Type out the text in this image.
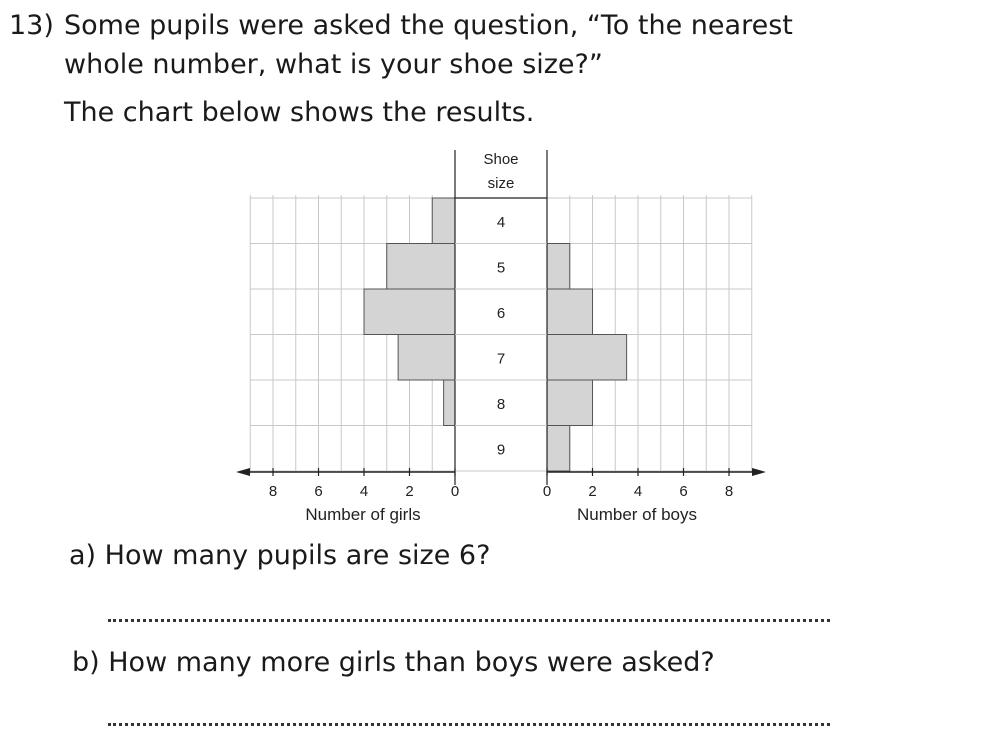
13) Some pupils were asked the question, “To the nearest
whole number, what is your shoe size?”
The chart below shows the results.
Shoe
size
4
5
6
7
8
9
8 6 4 2 0	0 2 4 6 8
Number of girls	Number of boys
a) How many pupils are size 6?
b) How many more girls than boys were asked?
